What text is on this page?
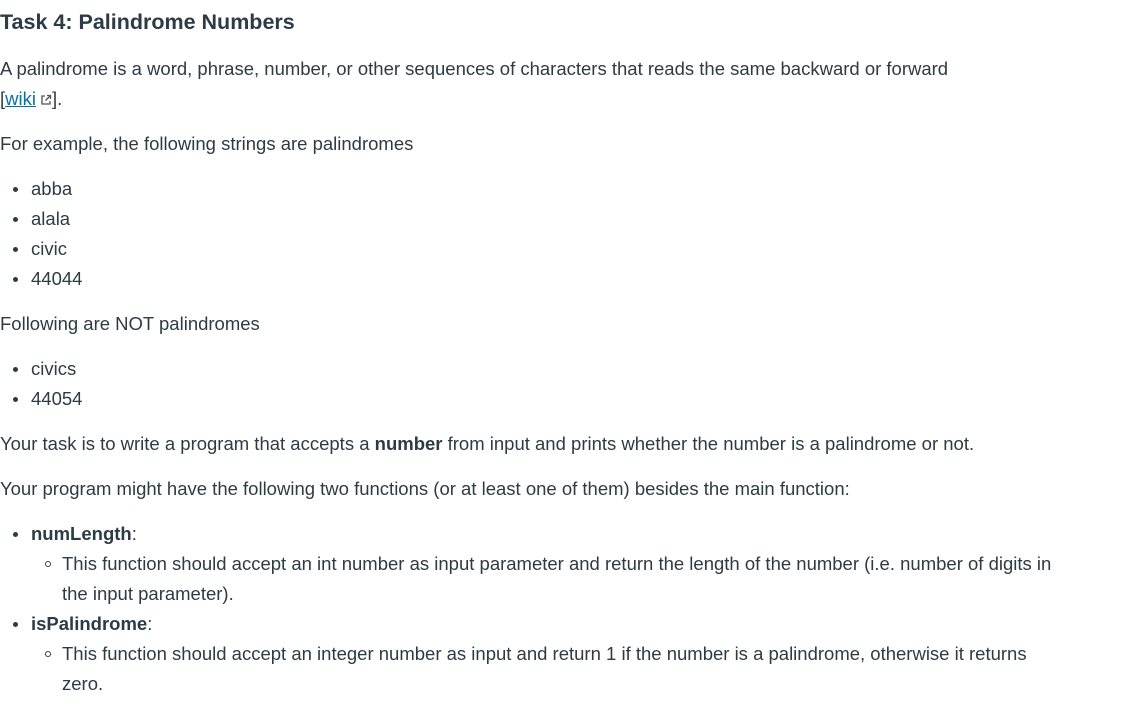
Task 4: Palindrome Numbers

A palindrome is a word, phrase, number, or other sequences of characters that reads the same backward or forward
[wiki ].

For example, the following strings are palindromes

abba
alala
civic
44044

Following are NOT palindromes

civics
44054

Your task is to write a program that accepts a number from input and prints whether the number is a palindrome or not.

Your program might have the following two functions (or at least one of them) besides the main function:

numLength:
This function should accept an int number as input parameter and return the length of the number (i.e. number of digits in the input parameter).
isPalindrome:
This function should accept an integer number as input and return 1 if the number is a palindrome, otherwise it returns zero.
